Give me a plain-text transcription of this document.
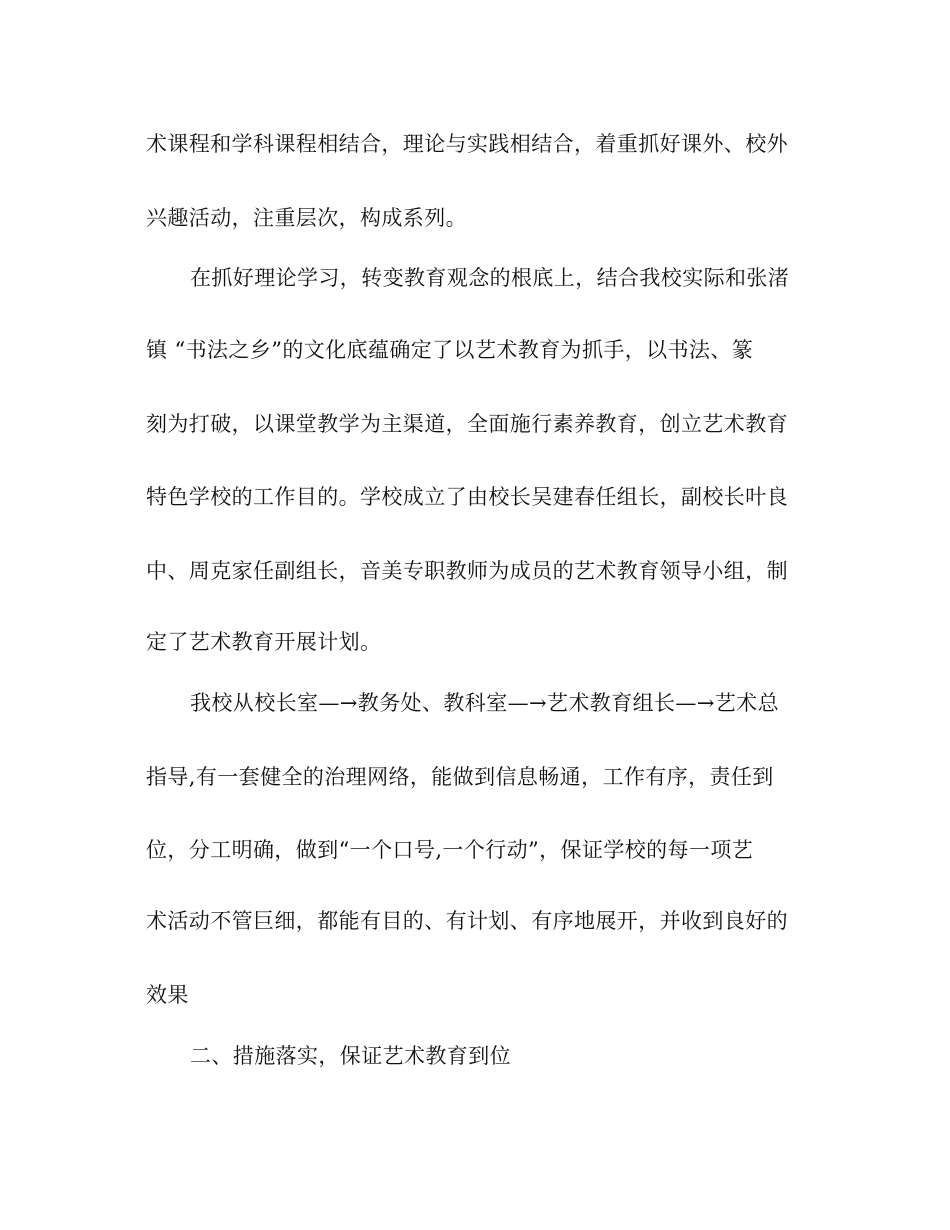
术课程和学科课程相结合，理论与实践相结合，着重抓好课外、校外

兴趣活动，注重层次，构成系列。

在抓好理论学习，转变教育观念的根底上，结合我校实际和张渚

镇 “书法之乡”的文化底蕴确定了以艺术教育为抓手，以书法、篆

刻为打破，以课堂教学为主渠道，全面施行素养教育，创立艺术教育

特色学校的工作目的。学校成立了由校长吴建春任组长，副校长叶良

中、周克家任副组长，音美专职教师为成员的艺术教育领导小组，制

定了艺术教育开展计划。

我校从校长室—→教务处、教科室—→艺术教育组长—→艺术总

指导,有一套健全的治理网络，能做到信息畅通，工作有序，责任到

位，分工明确，做到“一个口号,一个行动”，保证学校的每一项艺

术活动不管巨细，都能有目的、有计划、有序地展开，并收到良好的

效果

二、措施落实，保证艺术教育到位
